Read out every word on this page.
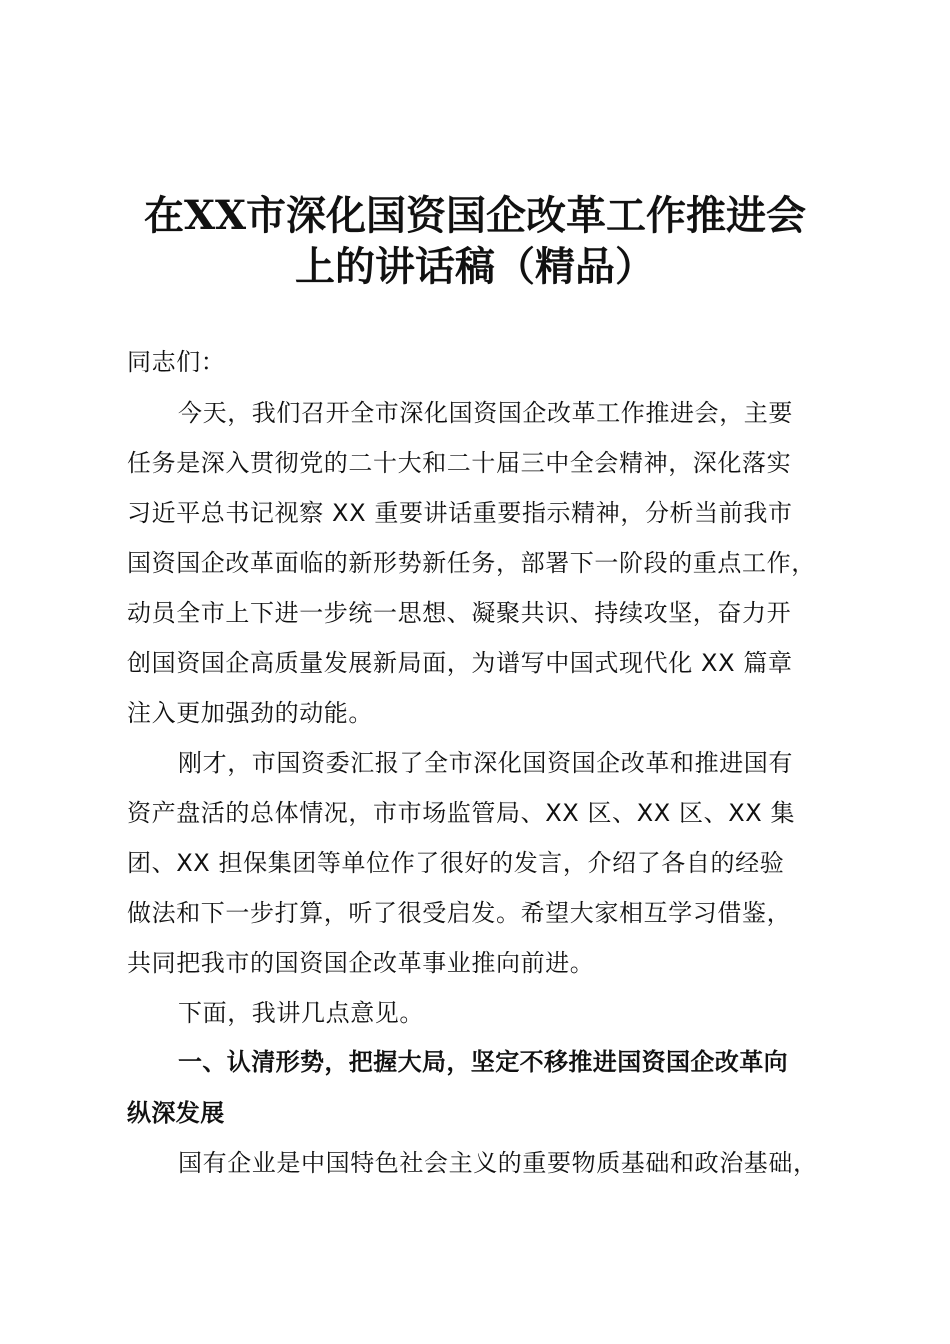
在XX市深化国资国企改革工作推进会
上的讲话稿（精品）
同志们：
今天，我们召开全市深化国资国企改革工作推进会，主要
任务是深入贯彻党的二十大和二十届三中全会精神，深化落实
习近平总书记视察 XX 重要讲话重要指示精神，分析当前我市
国资国企改革面临的新形势新任务，部署下一阶段的重点工作，
动员全市上下进一步统一思想、凝聚共识、持续攻坚，奋力开
创国资国企高质量发展新局面，为谱写中国式现代化 XX 篇章
注入更加强劲的动能。
刚才，市国资委汇报了全市深化国资国企改革和推进国有
资产盘活的总体情况，市市场监管局、XX 区、XX 区、XX 集
团、XX 担保集团等单位作了很好的发言，介绍了各自的经验
做法和下一步打算，听了很受启发。希望大家相互学习借鉴，
共同把我市的国资国企改革事业推向前进。
下面，我讲几点意见。
一、认清形势，把握大局，坚定不移推进国资国企改革向
纵深发展
国有企业是中国特色社会主义的重要物质基础和政治基础，
